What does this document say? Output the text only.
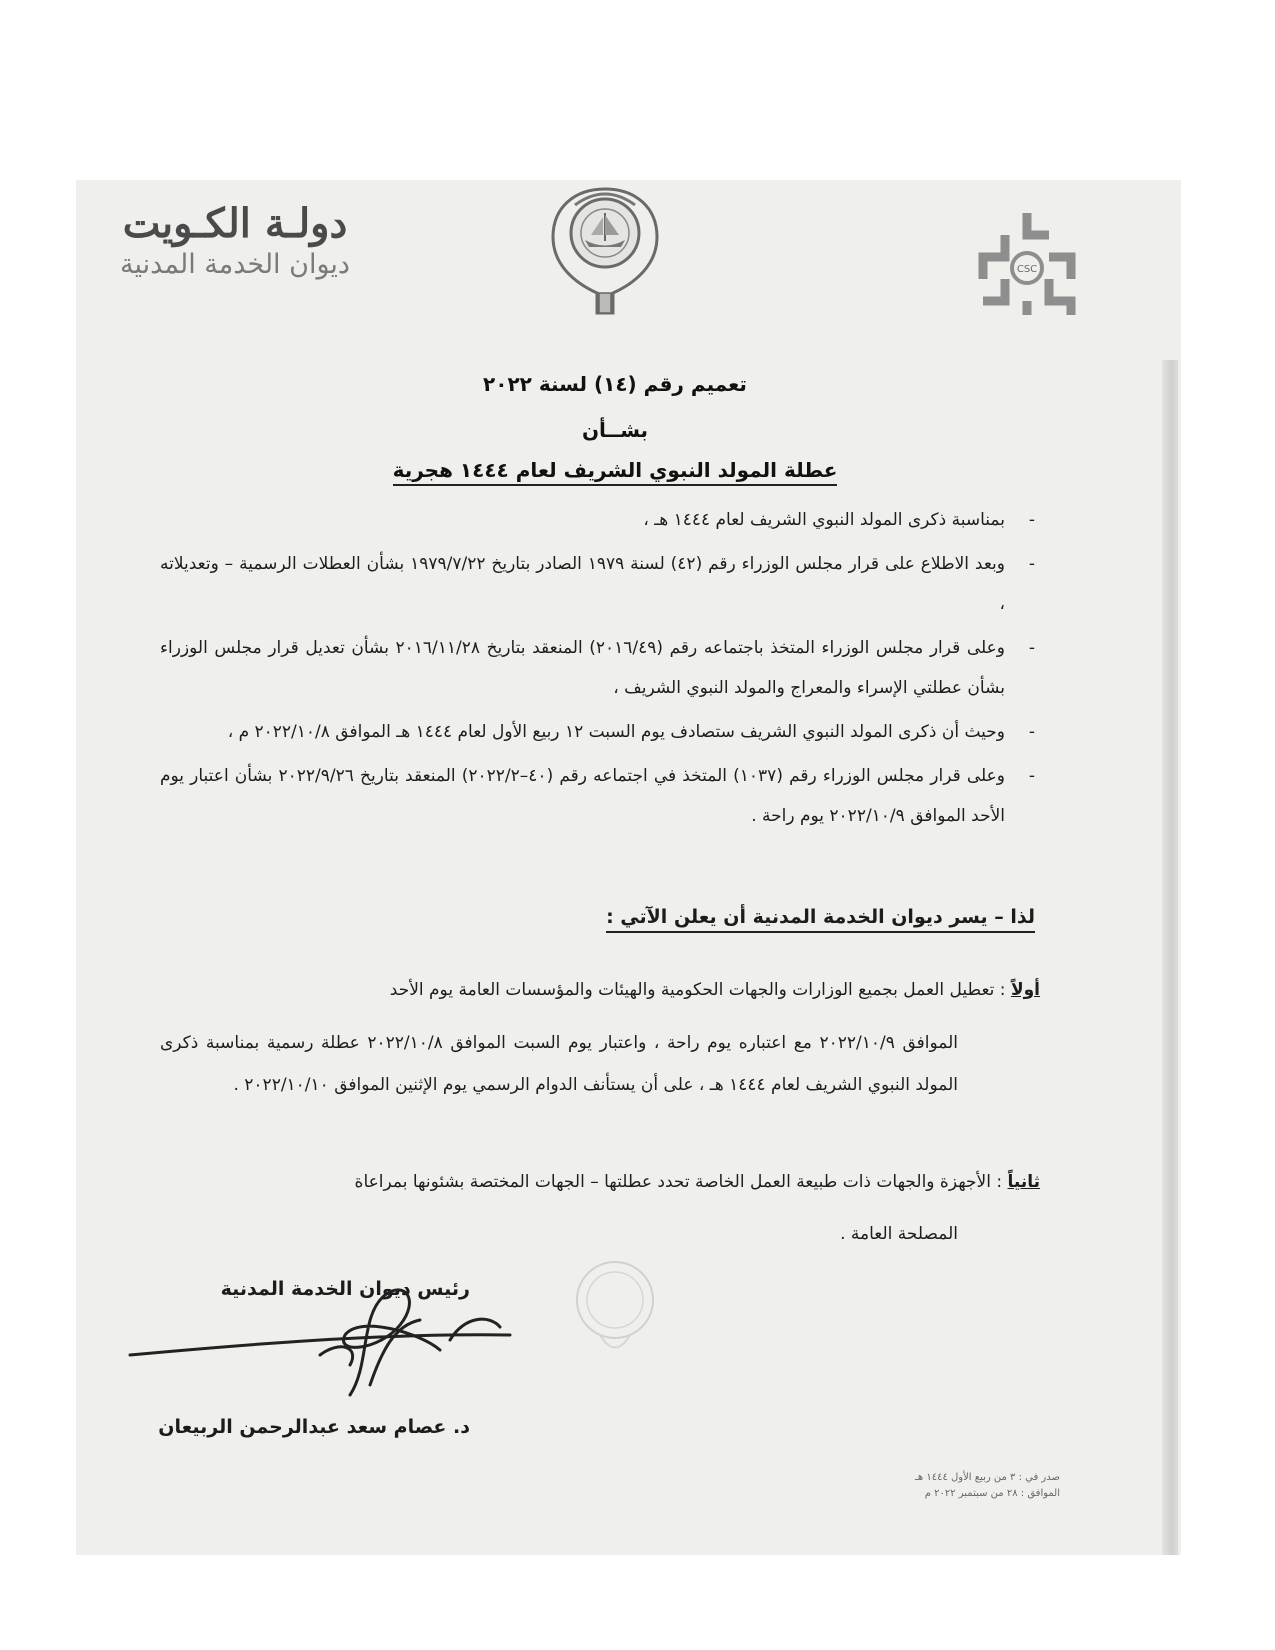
دولـة الكـويت
ديوان الخدمة المدنية	CSC
تعميم رقم (١٤) لسنة ٢٠٢٢
بشــأن
عطلة المولد النبوي الشريف لعام ١٤٤٤ هجرية
-
بمناسبة ذكرى المولد النبوي الشريف لعام ١٤٤٤ هـ ،
-
وبعد الاطلاع على قرار مجلس الوزراء رقم (٤٢) لسنة ١٩٧٩ الصادر بتاريخ ١٩٧٩/٧/٢٢ بشأن العطلات الرسمية – وتعديلاته ،
-
وعلى قرار مجلس الوزراء المتخذ باجتماعه رقم (٢٠١٦/٤٩) المنعقد بتاريخ ٢٠١٦/١١/٢٨ بشأن تعديل قرار مجلس الوزراء بشأن عطلتي الإسراء والمعراج والمولد النبوي الشريف ،
-
وحيث أن ذكرى المولد النبوي الشريف ستصادف يوم السبت ١٢ ربيع الأول لعام ١٤٤٤ هـ الموافق ٢٠٢٢/١٠/٨ م ،
-
وعلى قرار مجلس الوزراء رقم (١٠٣٧) المتخذ في اجتماعه رقم (٤٠–٢٠٢٢/٢) المنعقد بتاريخ ٢٠٢٢/٩/٢٦ بشأن اعتبار يوم الأحد الموافق ٢٠٢٢/١٠/٩ يوم راحة .
لذا – يسر ديوان الخدمة المدنية أن يعلن الآتي :
أولاً : تعطيل العمل بجميع الوزارات والجهات الحكومية والهيئات والمؤسسات العامة يوم الأحد
الموافق ٢٠٢٢/١٠/٩ مع اعتباره يوم راحة ، واعتبار يوم السبت الموافق ٢٠٢٢/١٠/٨ عطلة رسمية بمناسبة ذكرى المولد النبوي الشريف لعام ١٤٤٤ هـ ، على أن يستأنف الدوام الرسمي يوم الإثنين الموافق ٢٠٢٢/١٠/١٠ .
ثانياً : الأجهزة والجهات ذات طبيعة العمل الخاصة تحدد عطلتها – الجهات المختصة بشئونها بمراعاة
المصلحة العامة .
رئيس ديوان الخدمة المدنية
د. عصام سعد عبدالرحمن الربيعان
صدر في : ٣ من ربيع الأول ١٤٤٤ هـ
الموافق : ٢٨ من سبتمبر ٢٠٢٢ م
